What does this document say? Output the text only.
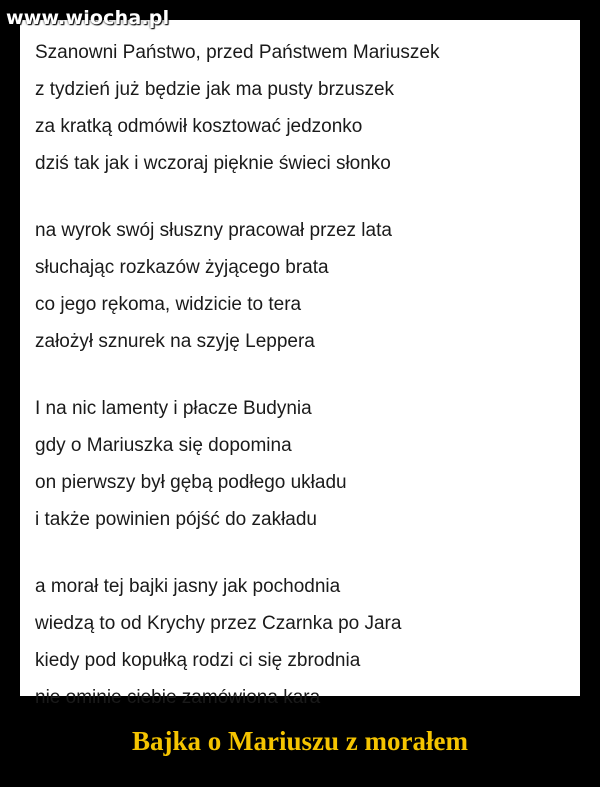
www.wiocha.pl
Szanowni Państwo, przed Państwem Mariuszek
z tydzień już będzie jak ma pusty brzuszek
za kratką odmówił kosztować jedzonko
dziś tak jak i wczoraj pięknie świeci słonko
na wyrok swój słuszny pracował przez lata
słuchając rozkazów żyjącego brata
co jego rękoma, widzicie to tera
założył sznurek na szyję Leppera
I na nic lamenty i płacze Budynia
gdy o Mariuszka się dopomina
on pierwszy był gębą podłego układu
i także powinien pójść do zakładu
a morał tej bajki jasny jak pochodnia
wiedzą to od Krychy przez Czarnka po Jara
kiedy pod kopułką rodzi ci się zbrodnia
nie ominie ciebie zamówiona kara
Bajka o Mariuszu z morałem
